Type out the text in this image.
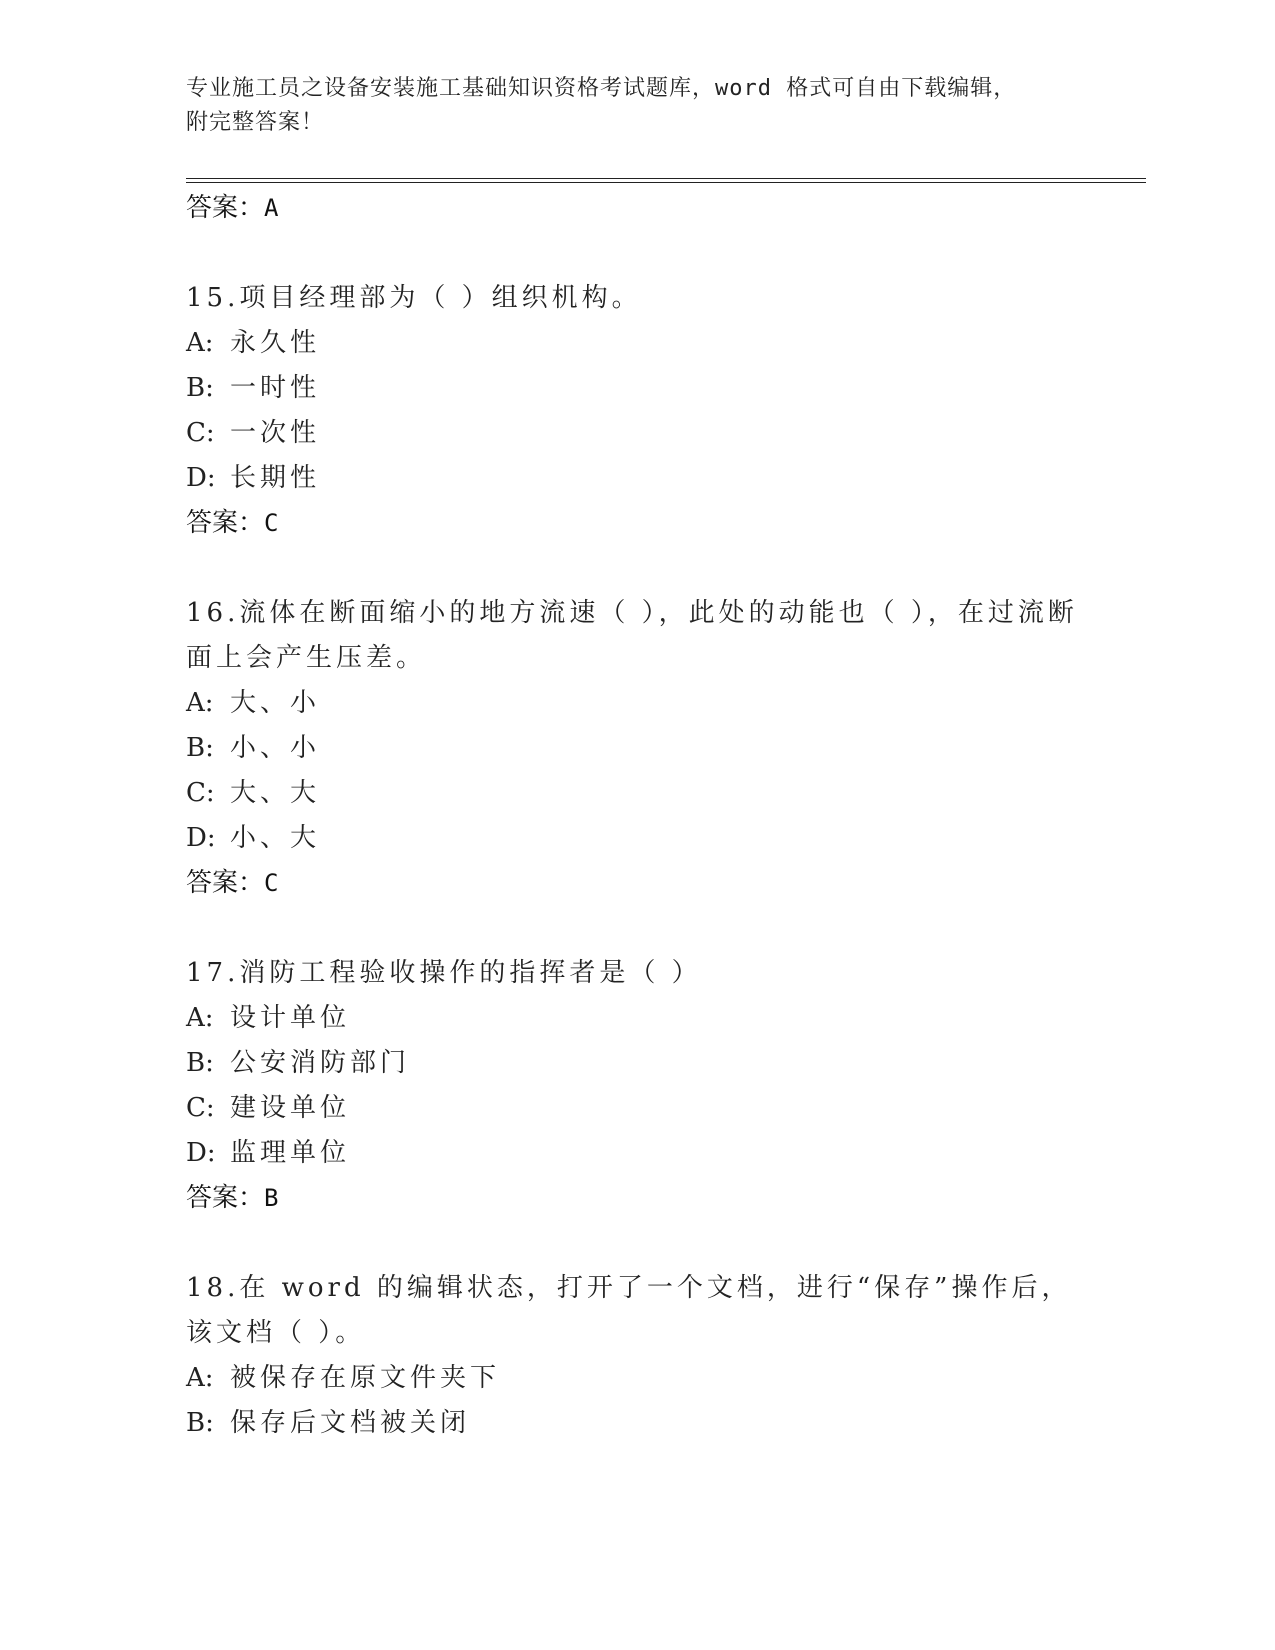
专业施工员之设备安装施工基础知识资格考试题库，word 格式可自由下载编辑，
附完整答案！
答案：A
15.项目经理部为（ ）组织机构。
A: 永久性
B: 一时性
C: 一次性
D: 长期性
答案：C
16.流体在断面缩小的地方流速（ ），此处的动能也（ ），在过流断面上会产生压差。
A: 大、小
B: 小、小
C: 大、大
D: 小、大
答案：C
17.消防工程验收操作的指挥者是（ ）
A: 设计单位
B: 公安消防部门
C: 建设单位
D: 监理单位
答案：B
18.在 word 的编辑状态，打开了一个文档，进行“保存”操作后，该文档（ ）。
A: 被保存在原文件夹下
B: 保存后文档被关闭
